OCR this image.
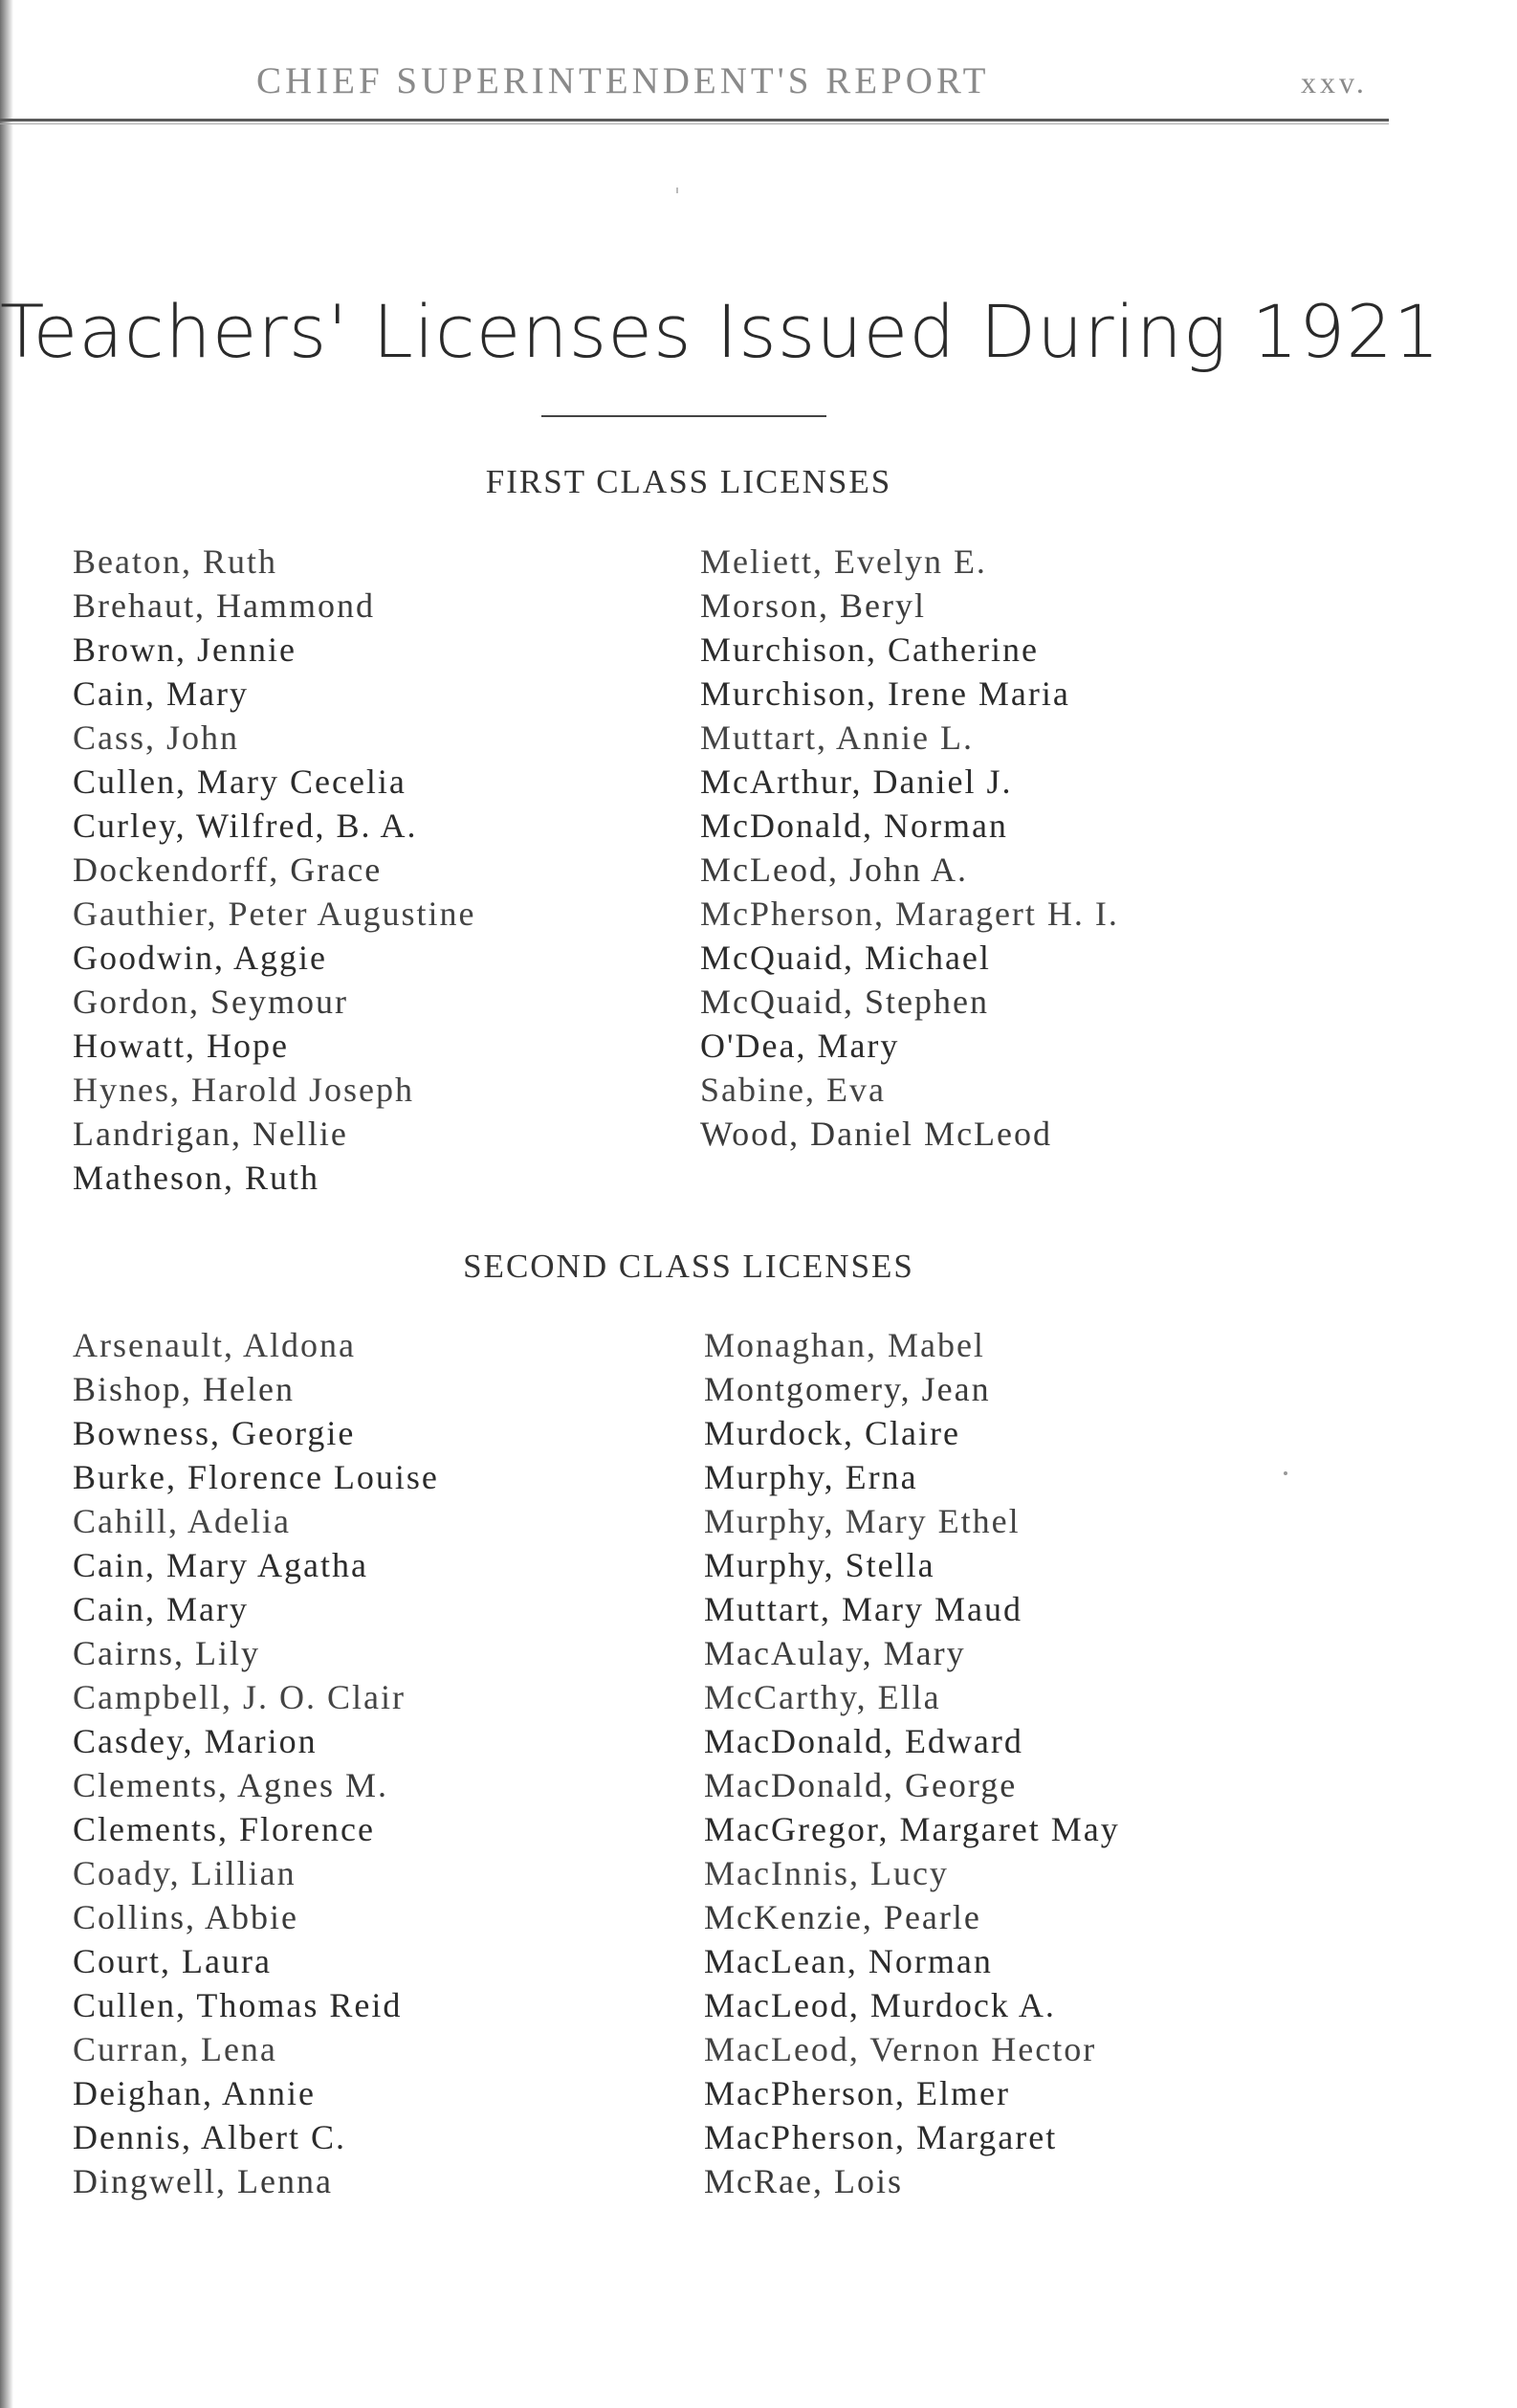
CHIEF SUPERINTENDENT'S REPORT	xxv.
Teachers' Licenses Issued During 1921
FIRST CLASS LICENSES
Beaton, Ruth
Brehaut, Hammond
Brown, Jennie
Cain, Mary
Cass, John
Cullen, Mary Cecelia
Curley, Wilfred, B. A.
Dockendorff, Grace
Gauthier, Peter Augustine
Goodwin, Aggie
Gordon, Seymour
Howatt, Hope
Hynes, Harold Joseph
Landrigan, Nellie
Matheson, Ruth
Meliett, Evelyn E.
Morson, Beryl
Murchison, Catherine
Murchison, Irene Maria
Muttart, Annie L.
McArthur, Daniel J.
McDonald, Norman
McLeod, John A.
McPherson, Maragert H. I.
McQuaid, Michael
McQuaid, Stephen
O'Dea, Mary
Sabine, Eva
Wood, Daniel McLeod
SECOND CLASS LICENSES
Arsenault, Aldona
Bishop, Helen
Bowness, Georgie
Burke, Florence Louise
Cahill, Adelia
Cain, Mary Agatha
Cain, Mary
Cairns, Lily
Campbell, J. O. Clair
Casdey, Marion
Clements, Agnes M.
Clements, Florence
Coady, Lillian
Collins, Abbie
Court, Laura
Cullen, Thomas Reid
Curran, Lena
Deighan, Annie
Dennis, Albert C.
Dingwell, Lenna
Monaghan, Mabel
Montgomery, Jean
Murdock, Claire
Murphy, Erna
Murphy, Mary Ethel
Murphy, Stella
Muttart, Mary Maud
MacAulay, Mary
McCarthy, Ella
MacDonald, Edward
MacDonald, George
MacGregor, Margaret May
MacInnis, Lucy
McKenzie, Pearle
MacLean, Norman
MacLeod, Murdock A.
MacLeod, Vernon Hector
MacPherson, Elmer
MacPherson, Margaret
McRae, Lois
